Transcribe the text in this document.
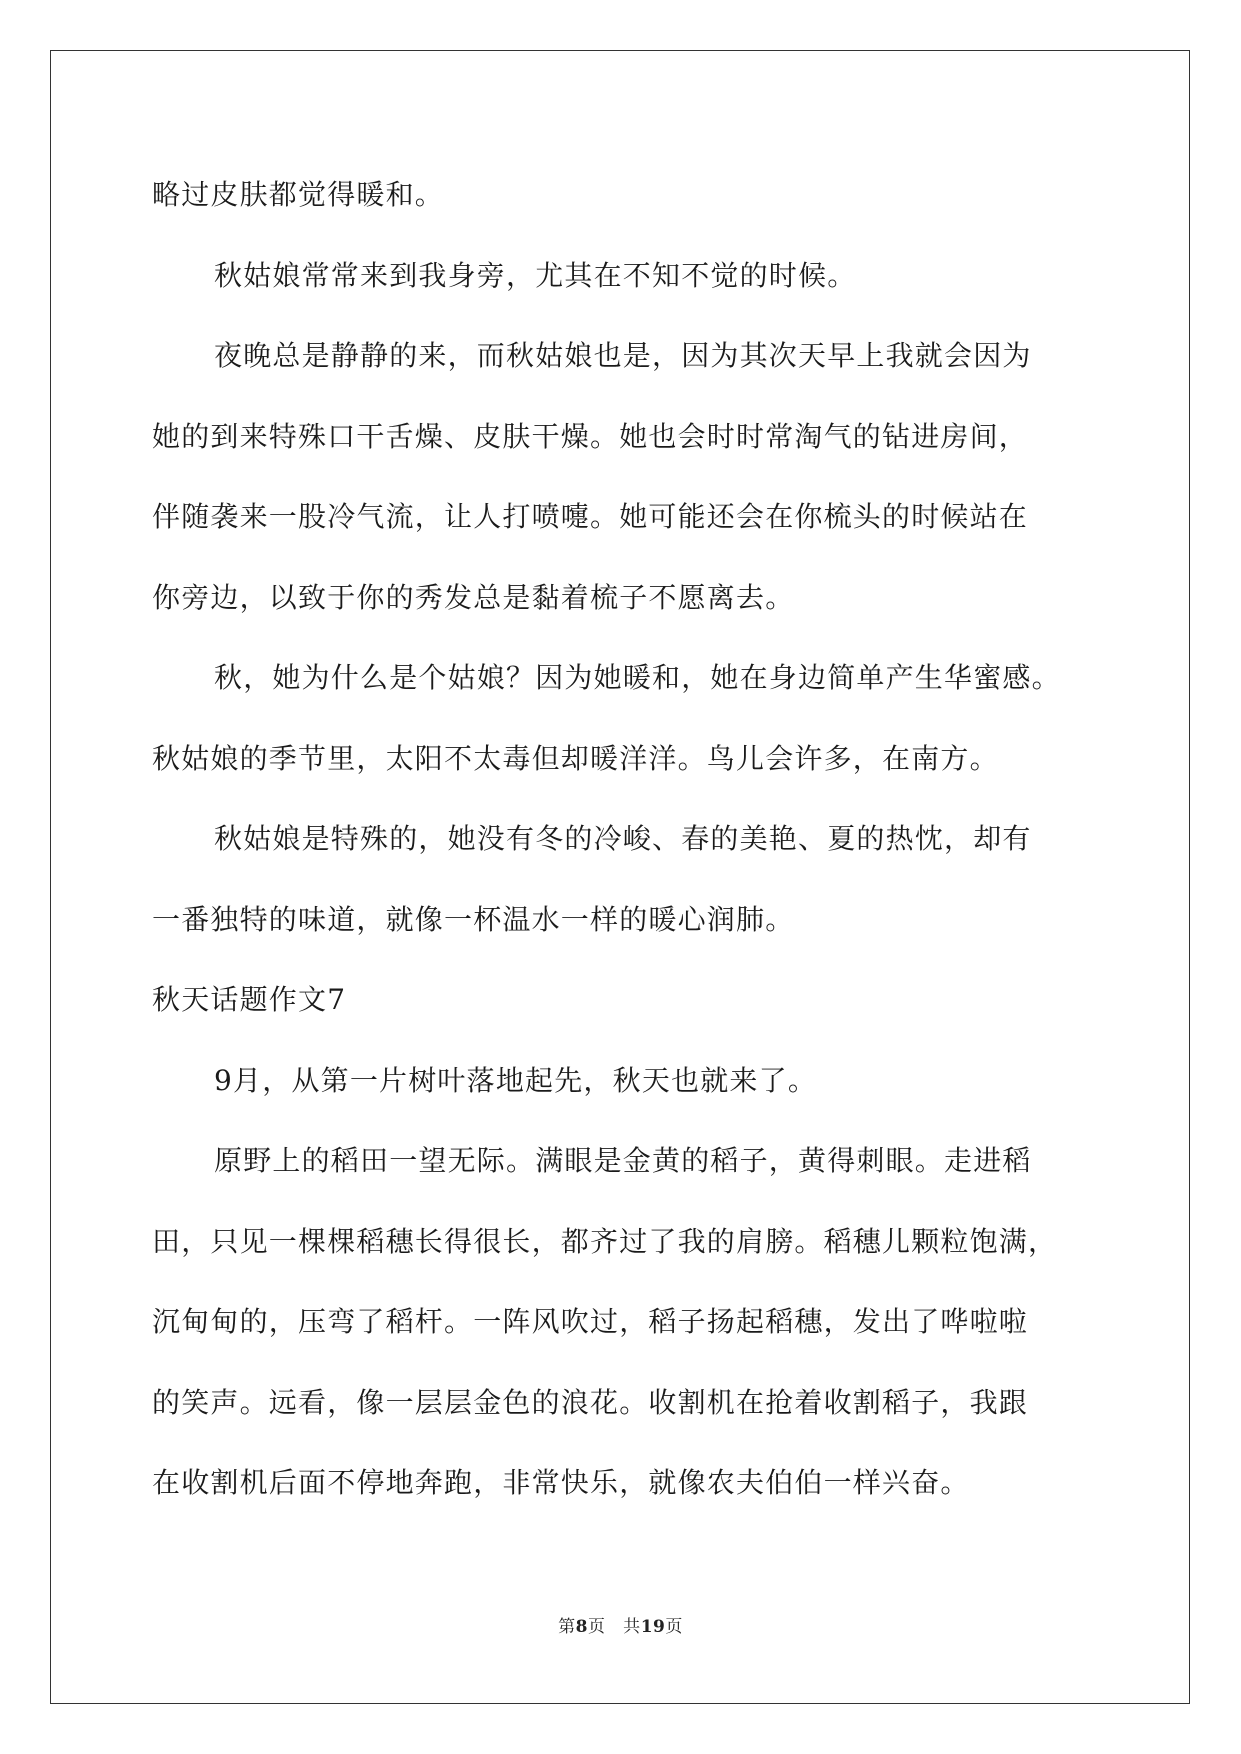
略过皮肤都觉得暖和。
秋姑娘常常来到我身旁，尤其在不知不觉的时候。
夜晚总是静静的来，而秋姑娘也是，因为其次天早上我就会因为
她的到来特殊口干舌燥、皮肤干燥。她也会时时常淘气的钻进房间，
伴随袭来一股冷气流，让人打喷嚏。她可能还会在你梳头的时候站在
你旁边，以致于你的秀发总是黏着梳子不愿离去。
秋，她为什么是个姑娘？因为她暖和，她在身边简单产生华蜜感。
秋姑娘的季节里，太阳不太毒但却暖洋洋。鸟儿会许多，在南方。
秋姑娘是特殊的，她没有冬的冷峻、春的美艳、夏的热忱，却有
一番独特的味道，就像一杯温水一样的暖心润肺。
秋天话题作文7
9月，从第一片树叶落地起先，秋天也就来了。
原野上的稻田一望无际。满眼是金黄的稻子，黄得刺眼。走进稻
田，只见一棵棵稻穗长得很长，都齐过了我的肩膀。稻穗儿颗粒饱满，
沉甸甸的，压弯了稻杆。一阵风吹过，稻子扬起稻穗，发出了哗啦啦
的笑声。远看，像一层层金色的浪花。收割机在抢着收割稻子，我跟
在收割机后面不停地奔跑，非常快乐，就像农夫伯伯一样兴奋。
第8页   共19页
